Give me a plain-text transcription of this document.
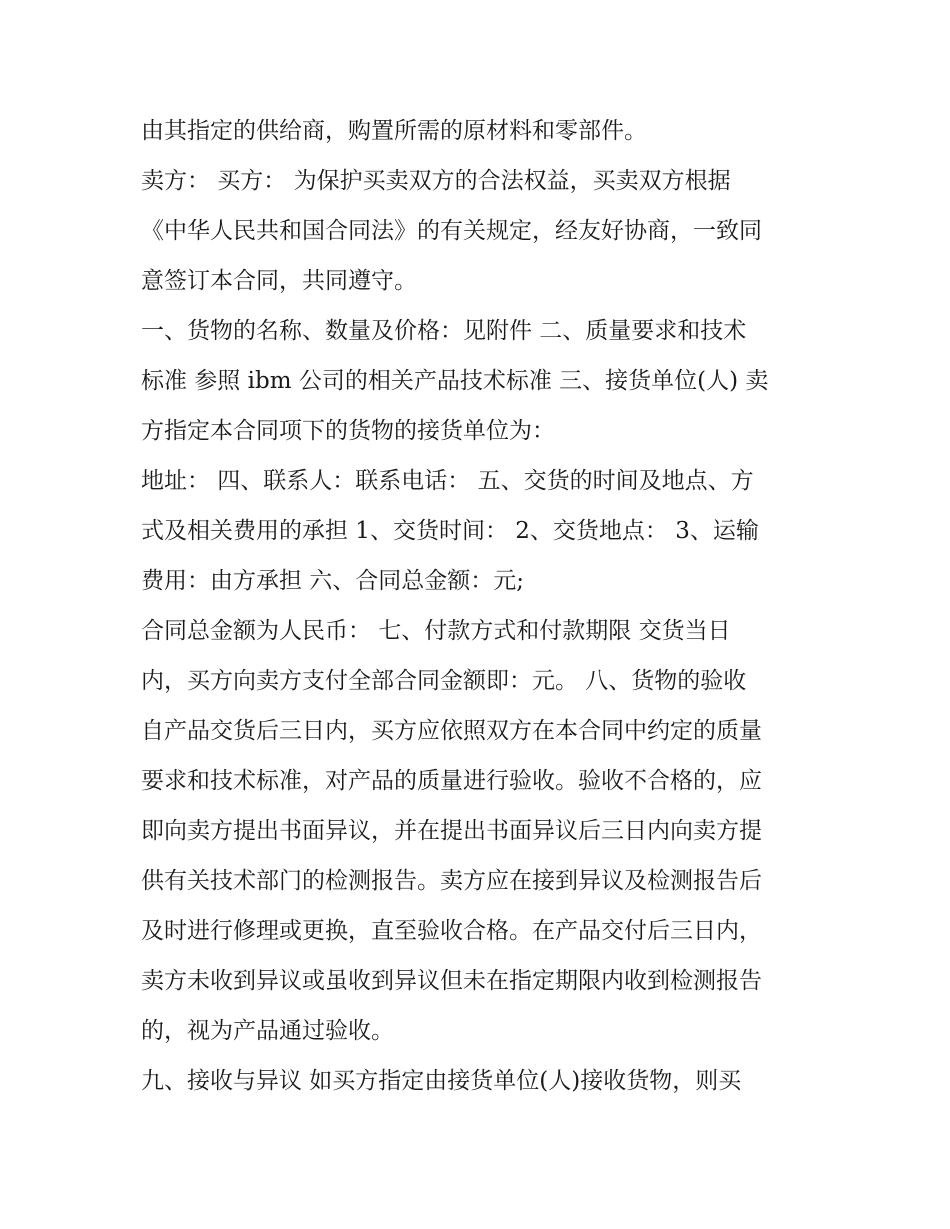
由其指定的供给商，购置所需的原材料和零部件。
卖方： 买方： 为保护买卖双方的合法权益，买卖双方根据
《中华人民共和国合同法》的有关规定，经友好协商，一致同
意签订本合同，共同遵守。
一、货物的名称、数量及价格：见附件 二、质量要求和技术
标准 参照 ibm 公司的相关产品技术标准 三、接货单位(人) 卖
方指定本合同项下的货物的接货单位为：
地址： 四、联系人：联系电话： 五、交货的时间及地点、方
式及相关费用的承担 1、交货时间： 2、交货地点： 3、运输
费用：由方承担 六、合同总金额：元;
合同总金额为人民币： 七、付款方式和付款期限 交货当日
内，买方向卖方支付全部合同金额即：元。 八、货物的验收
自产品交货后三日内，买方应依照双方在本合同中约定的质量
要求和技术标准，对产品的质量进行验收。验收不合格的，应
即向卖方提出书面异议，并在提出书面异议后三日内向卖方提
供有关技术部门的检测报告。卖方应在接到异议及检测报告后
及时进行修理或更换，直至验收合格。在产品交付后三日内，
卖方未收到异议或虽收到异议但未在指定期限内收到检测报告
的，视为产品通过验收。
九、接收与异议 如买方指定由接货单位(人)接收货物，则买
